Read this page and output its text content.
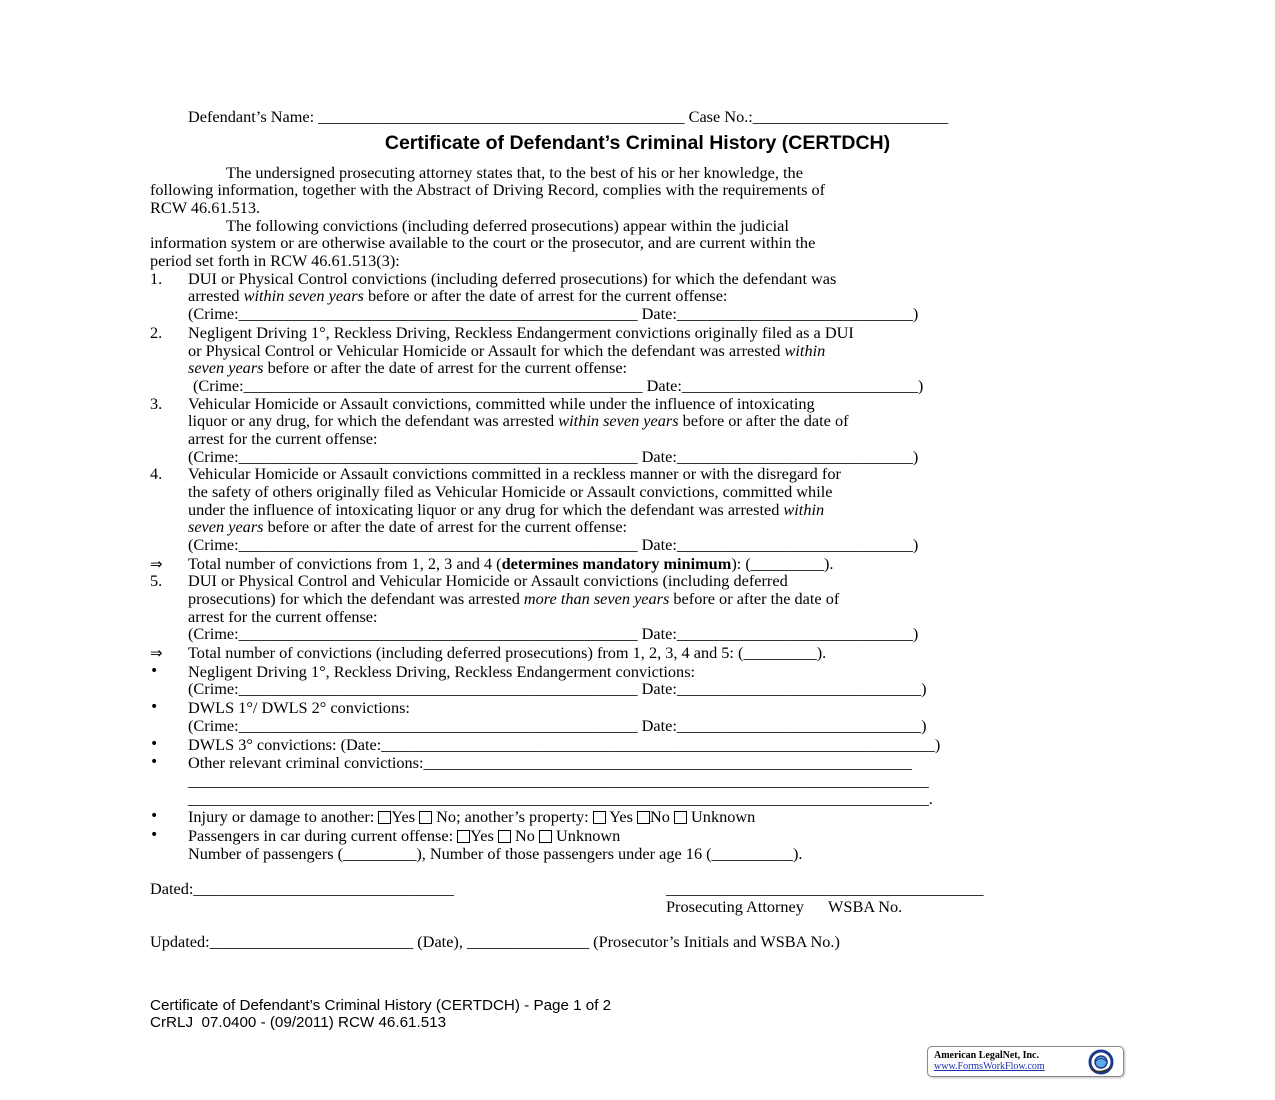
Defendant’s Name: _____________________________________________ Case No.:________________________
Certificate of Defendant’s Criminal History (CERTDCH)
The undersigned prosecuting attorney states that, to the best of his or her knowledge, the
following information, together with the Abstract of Driving Record, complies with the requirements of
RCW 46.61.513.
The following convictions (including deferred prosecutions) appear within the judicial
information system or are otherwise available to the court or the prosecutor, and are current within the
period set forth in RCW 46.61.513(3):
1. DUI or Physical Control convictions (including deferred prosecutions) for which the defendant was
arrested within seven years before or after the date of arrest for the current offense:
(Crime:_________________________________________________ Date:_____________________________)
2. Negligent Driving 1°, Reckless Driving, Reckless Endangerment convictions originally filed as a DUI
or Physical Control or Vehicular Homicide or Assault for which the defendant was arrested within
seven years before or after the date of arrest for the current offense:
(Crime:_________________________________________________ Date:_____________________________)
3. Vehicular Homicide or Assault convictions, committed while under the influence of intoxicating
liquor or any drug, for which the defendant was arrested within seven years before or after the date of
arrest for the current offense:
(Crime:_________________________________________________ Date:_____________________________)
4. Vehicular Homicide or Assault convictions committed in a reckless manner or with the disregard for
the safety of others originally filed as Vehicular Homicide or Assault convictions, committed while
under the influence of intoxicating liquor or any drug for which the defendant was arrested within
seven years before or after the date of arrest for the current offense:
(Crime:_________________________________________________ Date:_____________________________)
⇒ Total number of convictions from 1, 2, 3 and 4 (determines mandatory minimum): (_________).
5. DUI or Physical Control and Vehicular Homicide or Assault convictions (including deferred
prosecutions) for which the defendant was arrested more than seven years before or after the date of
arrest for the current offense:
(Crime:_________________________________________________ Date:_____________________________)
⇒ Total number of convictions (including deferred prosecutions) from 1, 2, 3, 4 and 5: (_________).
• Negligent Driving 1°, Reckless Driving, Reckless Endangerment convictions:
(Crime:_________________________________________________ Date:______________________________)
• DWLS 1°/ DWLS 2° convictions:
(Crime:_________________________________________________ Date:______________________________)
• DWLS 3° convictions: (Date:____________________________________________________________________)
• Other relevant criminal convictions:____________________________________________________________
___________________________________________________________________________________________
___________________________________________________________________________________________.
• Injury or damage to another: Yes  No; another’s property:  Yes No  Unknown
• Passengers in car during current offense: Yes  No  Unknown
Number of passengers (_________), Number of those passengers under age 16 (__________).
Dated:________________________________	_______________________________________
Prosecuting Attorney      WSBA No.
Updated:_________________________ (Date), _______________ (Prosecutor’s Initials and WSBA No.)
Certificate of Defendant’s Criminal History (CERTDCH) - Page 1 of 2
CrRLJ  07.0400 - (09/2011) RCW 46.61.513
American LegalNet, Inc.
www.FormsWorkFlow.com
